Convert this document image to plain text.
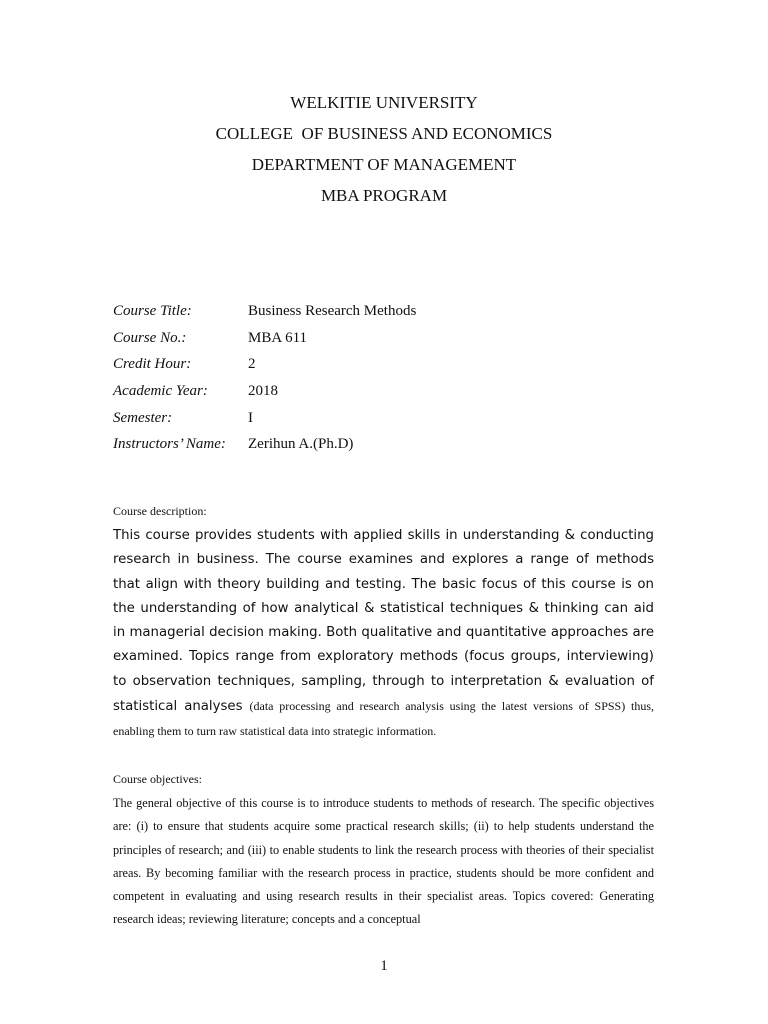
WELKITIE UNIVERSITY
COLLEGE  OF BUSINESS AND ECONOMICS
DEPARTMENT OF MANAGEMENT
MBA PROGRAM
Course Title:	Business Research Methods
Course No.:	MBA 611
Credit Hour:	2
Academic Year:	2018
Semester:	I
Instructors’ Name: Zerihun A.(Ph.D)
Course description:
This course provides students with applied skills in understanding & conducting research in business. The course examines and explores a range of methods that align with theory building and testing. The basic focus of this course is on the understanding of how analytical & statistical techniques & thinking can aid in managerial decision making. Both qualitative and quantitative approaches are examined. Topics range from exploratory methods (focus groups, interviewing) to observation techniques, sampling, through to interpretation & evaluation of statistical analyses (data processing and research analysis using the latest versions of SPSS) thus, enabling them to turn raw statistical data into strategic information.
Course objectives:
The general objective of this course is to introduce students to methods of research. The specific objectives are: (i) to ensure that students acquire some practical research skills; (ii) to help students understand the principles of research; and (iii) to enable students to link the research process with theories of their specialist areas. By becoming familiar with the research process in practice, students should be more confident and competent in evaluating and using research results in their specialist areas. Topics covered: Generating research ideas; reviewing literature; concepts and a conceptual
1
